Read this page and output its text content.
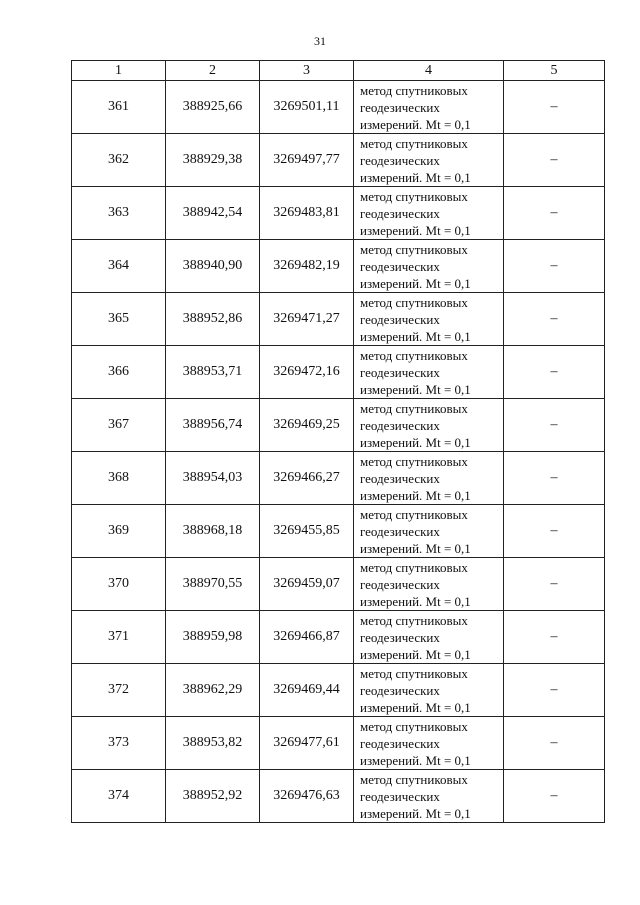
31
1	2	3	4	5
361	388925,66	3269501,11	метод спутниковых
геодезических
измерений. Mt = 0,1	–
362	388929,38	3269497,77	метод спутниковых
геодезических
измерений. Mt = 0,1	–
363	388942,54	3269483,81	метод спутниковых
геодезических
измерений. Mt = 0,1	–
364	388940,90	3269482,19	метод спутниковых
геодезических
измерений. Mt = 0,1	–
365	388952,86	3269471,27	метод спутниковых
геодезических
измерений. Mt = 0,1	–
366	388953,71	3269472,16	метод спутниковых
геодезических
измерений. Mt = 0,1	–
367	388956,74	3269469,25	метод спутниковых
геодезических
измерений. Mt = 0,1	–
368	388954,03	3269466,27	метод спутниковых
геодезических
измерений. Mt = 0,1	–
369	388968,18	3269455,85	метод спутниковых
геодезических
измерений. Mt = 0,1	–
370	388970,55	3269459,07	метод спутниковых
геодезических
измерений. Mt = 0,1	–
371	388959,98	3269466,87	метод спутниковых
геодезических
измерений. Mt = 0,1	–
372	388962,29	3269469,44	метод спутниковых
геодезических
измерений. Mt = 0,1	–
373	388953,82	3269477,61	метод спутниковых
геодезических
измерений. Mt = 0,1	–
374	388952,92	3269476,63	метод спутниковых
геодезических
измерений. Mt = 0,1	–
